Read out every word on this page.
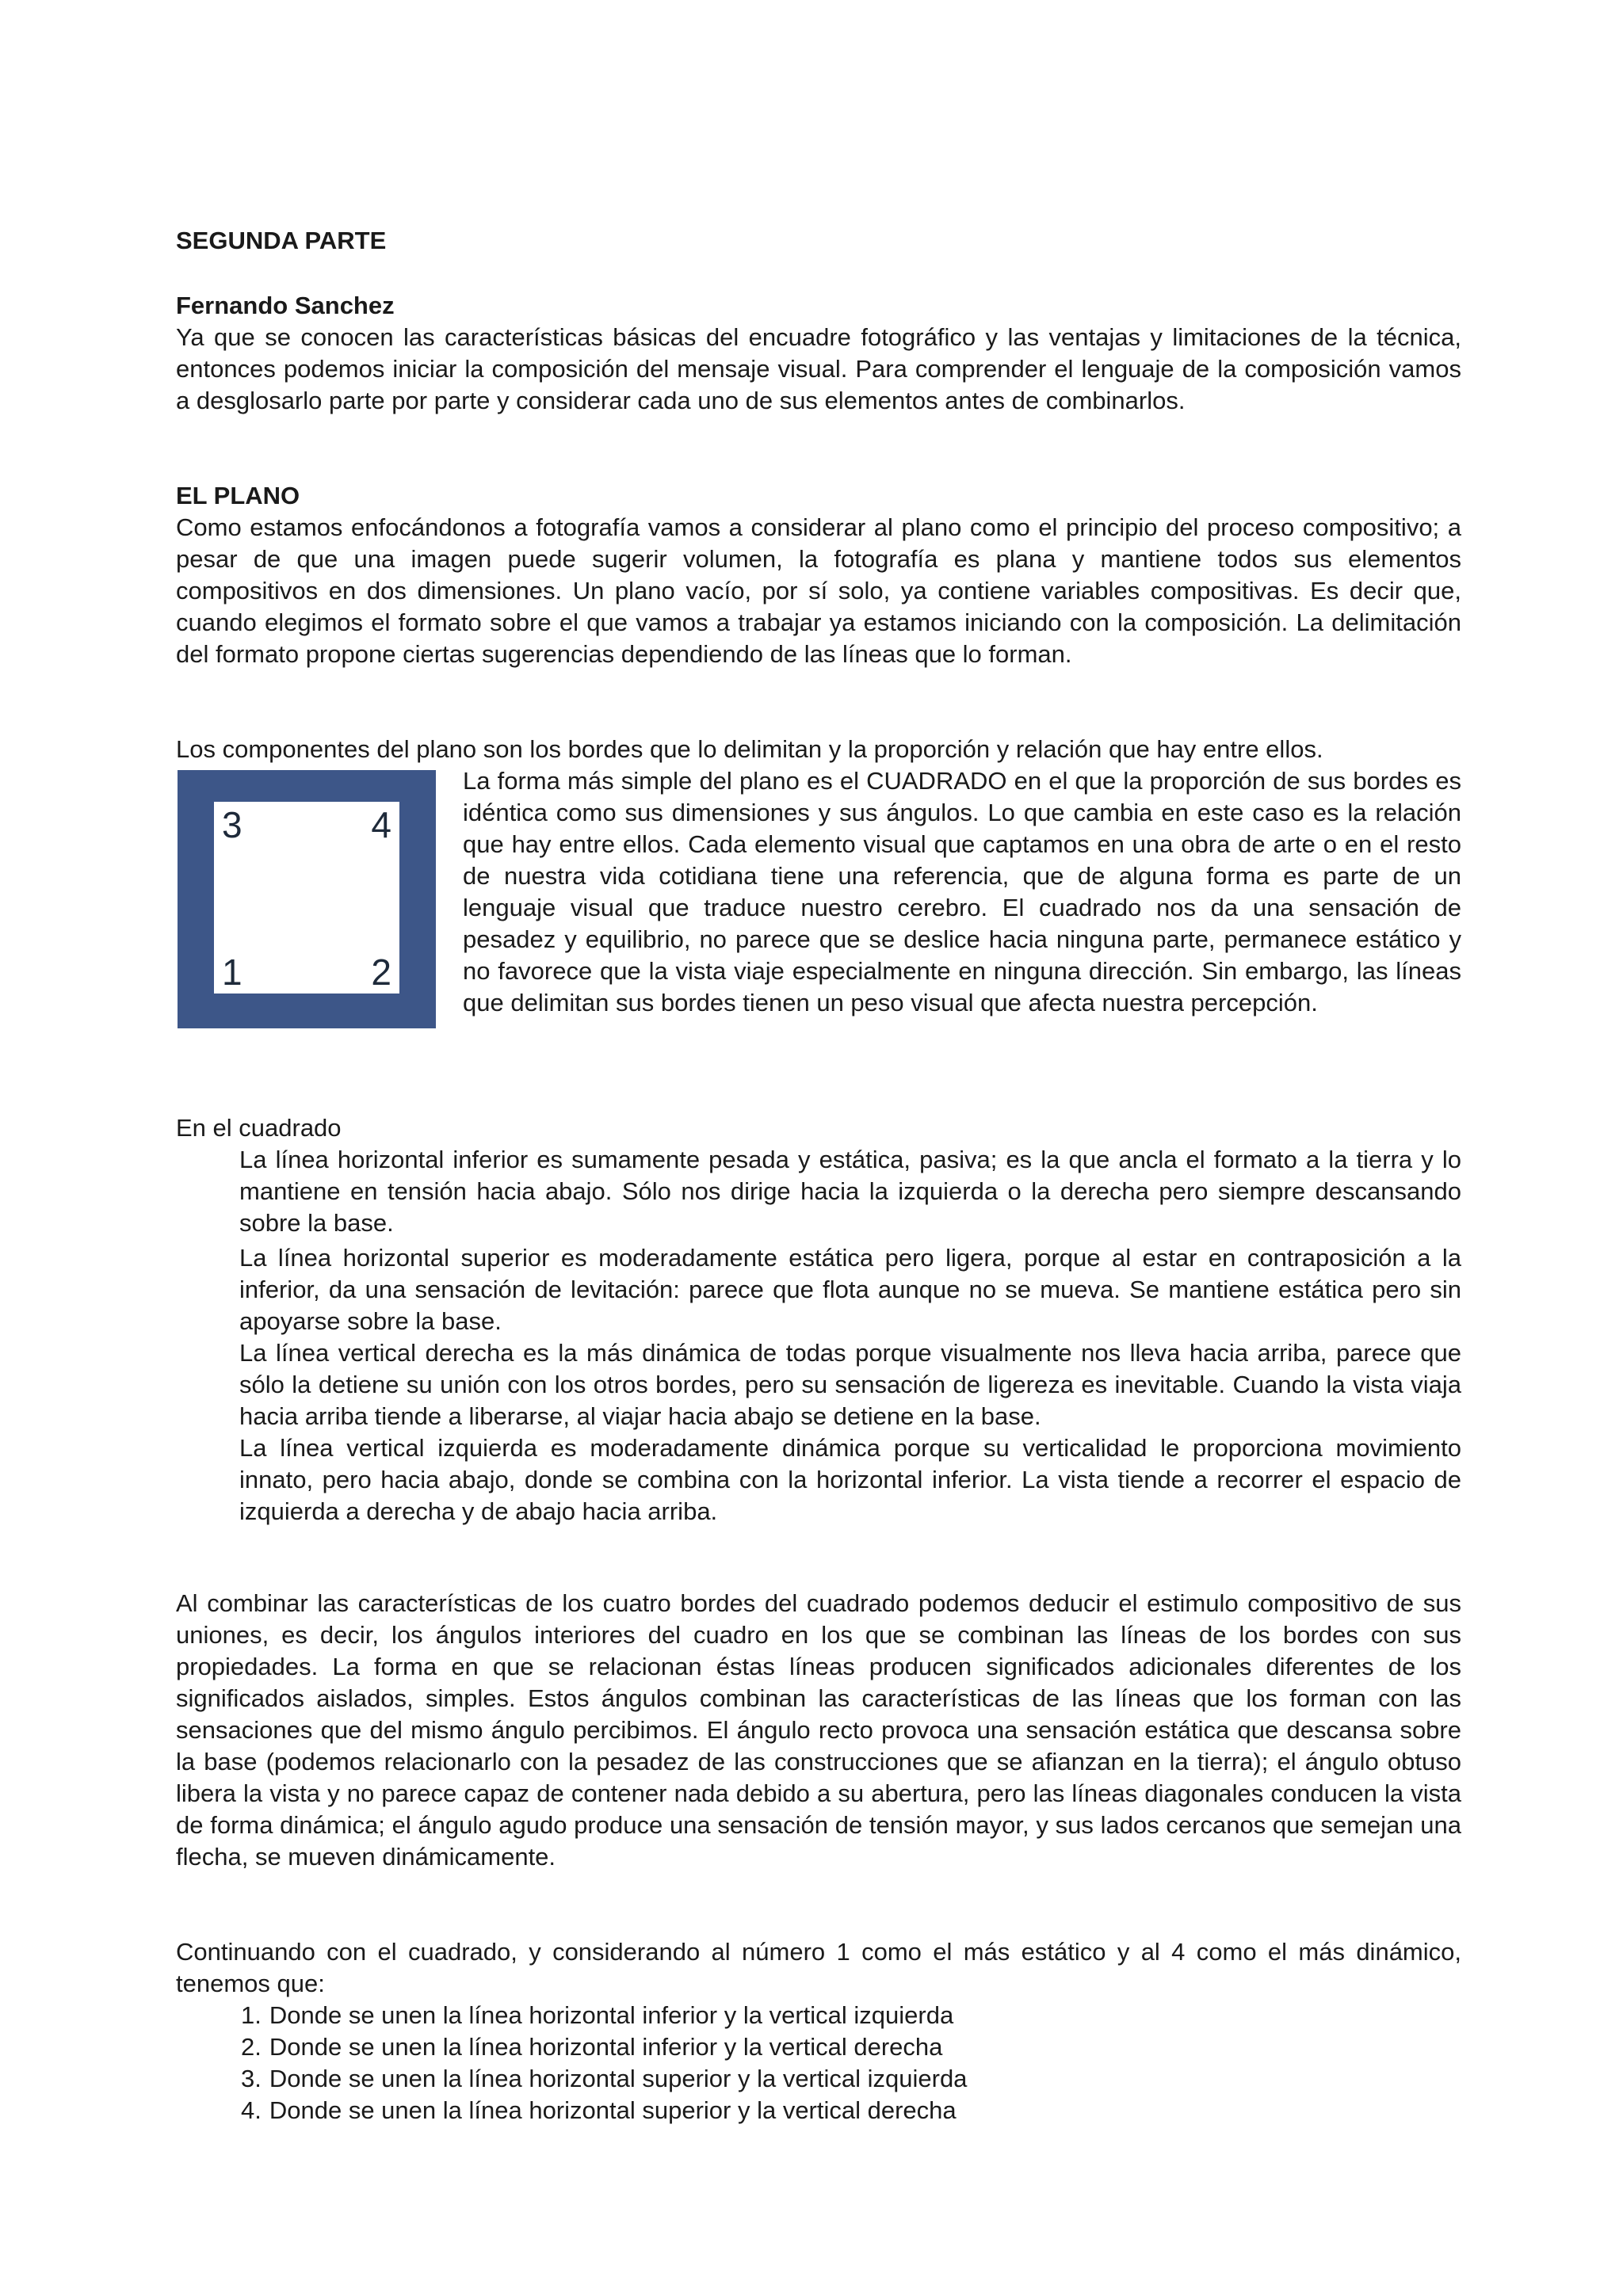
SEGUNDA PARTE
Fernando Sanchez

Ya que se conocen las características básicas del encuadre fotográfico y las ventajas y limitaciones de la técnica, entonces podemos iniciar la composición del mensaje visual. Para comprender el lenguaje de la composición vamos a desglosarlo parte por parte y considerar cada uno de sus elementos antes de combinarlos.

EL PLANO

Como estamos enfocándonos a fotografía vamos a considerar al plano como el principio del proceso compositivo; a pesar de que una imagen puede sugerir volumen, la fotografía es plana y mantiene todos sus elementos compositivos en dos dimensiones. Un plano vacío, por sí solo, ya contiene variables compositivas. Es decir que, cuando elegimos el formato sobre el que vamos a trabajar ya estamos iniciando con la composición. La delimitación del formato propone ciertas sugerencias dependiendo de las líneas que lo forman.

Los componentes del plano son los bordes que lo delimitan y la proporción y relación que hay entre ellos.

3	4
1	2

La forma más simple del plano es el CUADRADO en el que la proporción de sus bordes es idéntica como sus dimensiones y sus ángulos. Lo que cambia en este caso es la relación que hay entre ellos. Cada elemento visual que captamos en una obra de arte o en el resto de nuestra vida cotidiana tiene una referencia, que de alguna forma es parte de un lenguaje visual que traduce nuestro cerebro. El cuadrado nos da una sensación de pesadez y equilibrio, no parece que se deslice hacia ninguna parte, permanece estático y no favorece que la vista viaje especialmente en ninguna dirección. Sin embargo, las líneas que delimitan sus bordes tienen un peso visual que afecta nuestra percepción.

En el cuadrado

La línea horizontal inferior es sumamente pesada y estática, pasiva; es la que ancla el formato a la tierra y lo mantiene en tensión hacia abajo. Sólo nos dirige hacia la izquierda o la derecha pero siempre descansando sobre la base.

La línea horizontal superior es moderadamente estática pero ligera, porque al estar en contraposición a la inferior, da una sensación de levitación: parece que flota aunque no se mueva. Se mantiene estática pero sin apoyarse sobre la base.

La línea vertical derecha es la más dinámica de todas porque visualmente nos lleva hacia arriba, parece que sólo la detiene su unión con los otros bordes, pero su sensación de ligereza es inevitable. Cuando la vista viaja hacia arriba tiende a liberarse, al viajar hacia abajo se detiene en la base.

La línea vertical izquierda es moderadamente dinámica porque su verticalidad le proporciona movimiento innato, pero hacia abajo, donde se combina con la horizontal inferior. La vista tiende a recorrer el espacio de izquierda a derecha y de abajo hacia arriba.

Al combinar las características de los cuatro bordes del cuadrado podemos deducir el estimulo compositivo de sus uniones, es decir, los ángulos interiores del cuadro en los que se combinan las líneas de los bordes con sus propiedades. La forma en que se relacionan éstas líneas producen significados adicionales diferentes de los significados aislados, simples. Estos ángulos combinan las características de las líneas que los forman con las sensaciones que del mismo ángulo percibimos. El ángulo recto provoca una sensación estática que descansa sobre la base (podemos relacionarlo con la pesadez de las construcciones que se afianzan en la tierra); el ángulo obtuso libera la vista y no parece capaz de contener nada debido a su abertura, pero las líneas diagonales conducen la vista de forma dinámica; el ángulo agudo produce una sensación de tensión mayor, y sus lados cercanos que semejan una flecha, se mueven dinámicamente.

Continuando con el cuadrado, y considerando al número 1 como el más estático y al 4 como el más dinámico, tenemos que:

1. Donde se unen la línea horizontal inferior y la vertical izquierda
2. Donde se unen la línea horizontal inferior y la vertical derecha
3. Donde se unen la línea horizontal superior y la vertical izquierda
4. Donde se unen la línea horizontal superior y la vertical derecha
